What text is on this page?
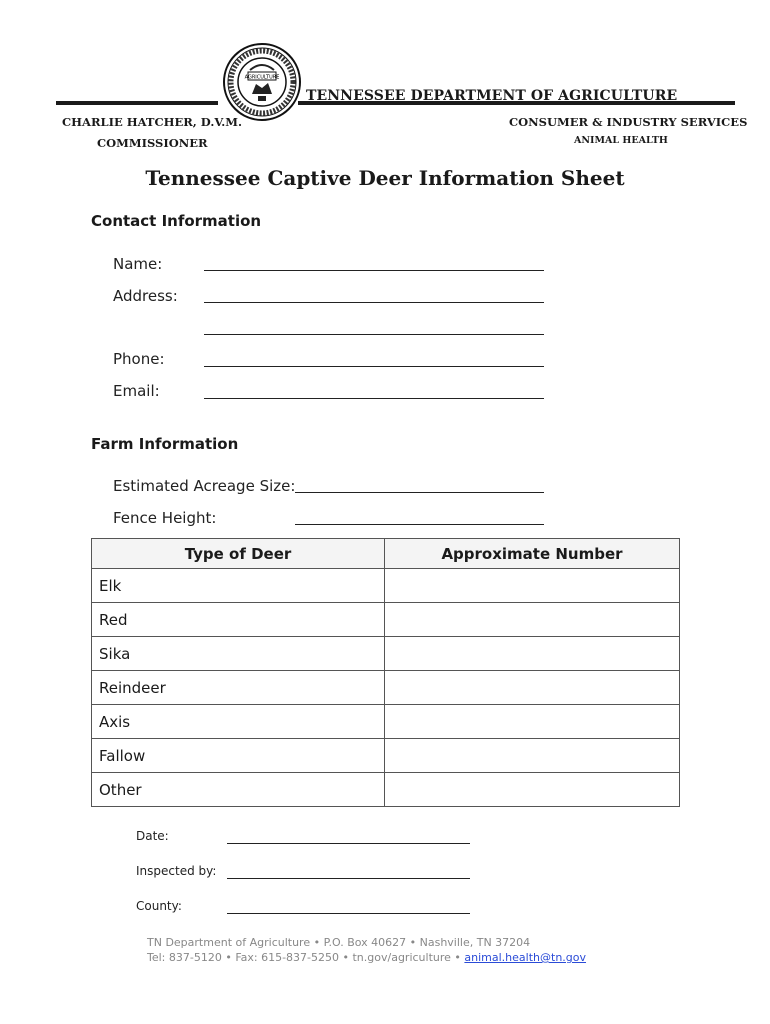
AGRICULTURE
TENNESSEE DEPARTMENT OF AGRICULTURE
CHARLIE HATCHER, D.V.M.
COMMISSIONER
CONSUMER & INDUSTRY SERVICES
ANIMAL HEALTH
Tennessee Captive Deer Information Sheet
Contact Information
Name:
Address:
Phone:
Email:
Farm Information
Estimated Acreage Size:
Fence Height:
Type of Deer	Approximate Number
Elk	
Red	
Sika	
Reindeer	
Axis	
Fallow	
Other	
Date:
Inspected by:
County:
TN Department of Agriculture • P.O. Box 40627 • Nashville, TN 37204
Tel: 837-5120 • Fax: 615-837-5250 • tn.gov/agriculture • animal.health@tn.gov
